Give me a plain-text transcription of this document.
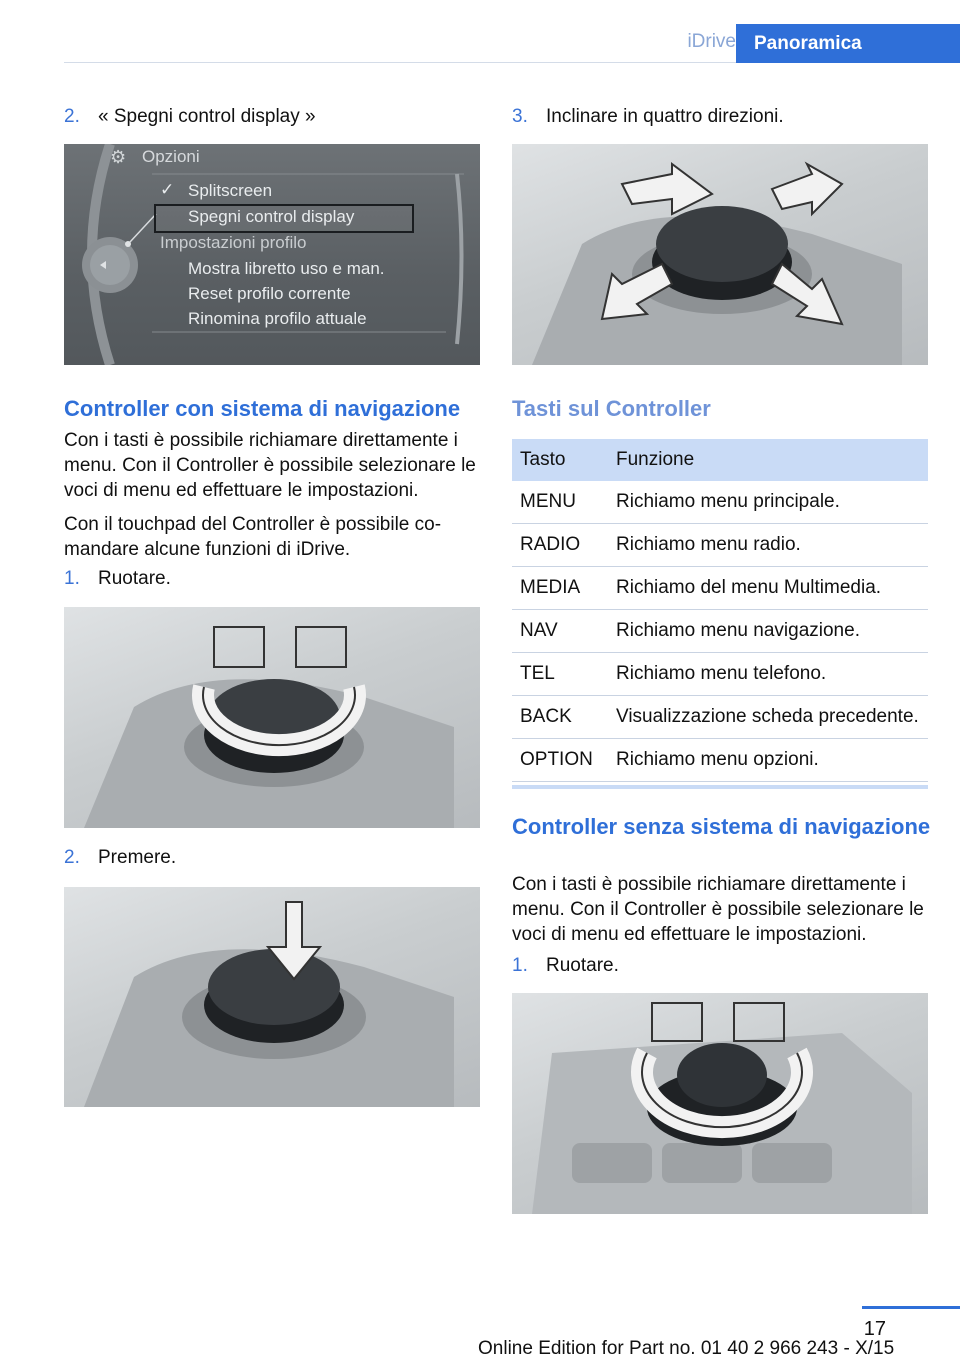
iDrive Panoramica
2. « Spegni control display »
⚙ Opzioni
✓ Splitscreen
Spegni control display
Impostazioni profilo
Mostra libretto uso e man.
Reset profilo corrente
Rinomina profilo attuale
Controller con sistema di navigazione
Con i tasti è possibile richiamare direttamente i menu. Con il Controller è possibile selezionare le voci di menu ed effettuare le impostazioni.
Con il touchpad del Controller è possibile comandare alcune funzioni di iDrive.
1. Ruotare.
2. Premere.
3. Inclinare in quattro direzioni.
Tasti sul Controller
Tasto	Funzione
MENU	Richiamo menu principale.
RADIO	Richiamo menu radio.
MEDIA	Richiamo del menu Multimedia.
NAV	Richiamo menu navigazione.
TEL	Richiamo menu telefono.
BACK	Visualizzazione scheda precedente.
OPTION	Richiamo menu opzioni.
Controller senza sistema di navigazione
Con i tasti è possibile richiamare direttamente i menu. Con il Controller è possibile selezionare le voci di menu ed effettuare le impostazioni.
1. Ruotare.
17
Online Edition for Part no. 01 40 2 966 243 - X/15
